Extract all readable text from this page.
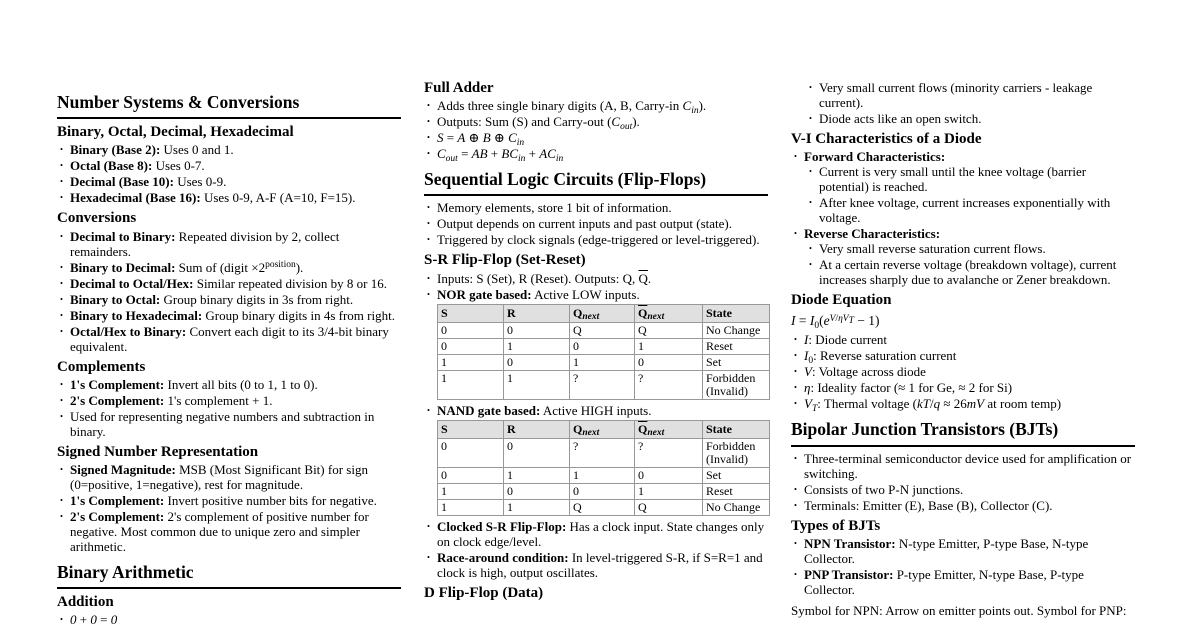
Number Systems & Conversions
Binary, Octal, Decimal, Hexadecimal
• Binary (Base 2): Uses 0 and 1.
• Octal (Base 8): Uses 0-7.
• Decimal (Base 10): Uses 0-9.
• Hexadecimal (Base 16): Uses 0-9, A-F (A=10, F=15).
Conversions
• Decimal to Binary: Repeated division by 2, collect remainders.
• Binary to Decimal: Sum of (digit $\times 2^{position}$).
• Decimal to Octal/Hex: Similar repeated division by 8 or 16.
• Binary to Octal: Group binary digits in 3s from right.
• Binary to Hexadecimal: Group binary digits in 4s from right.
• Octal/Hex to Binary: Convert each digit to its 3/4-bit binary equivalent.
Complements
• 1's Complement: Invert all bits (0 to 1, 1 to 0).
• 2's Complement: 1's complement + 1.
• Used for representing negative numbers and subtraction in binary.
Signed Number Representation
• Signed Magnitude: MSB (Most Significant Bit) for sign (0=positive, 1=negative), rest for magnitude.
• 1's Complement: Invert positive number bits for negative.
• 2's Complement: 2's complement of positive number for negative. Most common due to unique zero and simpler arithmetic.
Binary Arithmetic
Addition
• 0 + 0 = 0
Full Adder
• Adds three single binary digits (A, B, Carry-in $C_{in}$).
• Outputs: Sum (S) and Carry-out $(C_{out})$.
• S = A ⊕ B ⊕ $C_{in}$
• $C_{out}$ = AB + $BC_{in} + AC_{in}$
Sequential Logic Circuits (Flip-Flops)
• Memory elements, store 1 bit of information.
• Output depends on current inputs and past output (state).
• Triggered by clock signals (edge-triggered or level-triggered).
S-R Flip-Flop (Set-Reset)
• Inputs: S (Set), R (Reset). Outputs: Q, $\overline{Q}$.
• NOR gate based: Active LOW inputs.
S	R	$Q_{next}$	$\overline{Q}_{next}$	State
0	0	Q	$\overline{Q}$	No Change
0	1	0	1	Reset
1	0	1	0	Set
1	1	?	?	Forbidden (Invalid)
• NAND gate based: Active HIGH inputs.
S	R	$Q_{next}$	$\overline{Q}_{next}$	State
0	0	?	?	Forbidden (Invalid)
0	1	1	0	Set
1	0	0	1	Reset
1	1	Q	$\overline{Q}$	No Change
• Clocked S-R Flip-Flop: Has a clock input. State changes only on clock edge/level.
• Race-around condition: In level-triggered S-R, if S=R=1 and clock is high, output oscillates.
D Flip-Flop (Data)
• Very small current flows (minority carriers - leakage current).
• Diode acts like an open switch.
V-I Characteristics of a Diode
• Forward Characteristics:
• Current is very small until the knee voltage (barrier potential) is reached.
• After knee voltage, current increases exponentially with voltage.
• Reverse Characteristics:
• Very small reverse saturation current flows.
• At a certain reverse voltage (breakdown voltage), current increases sharply due to avalanche or Zener breakdown.
Diode Equation
$I = I_0(e^{V/\eta V_T} - 1)$
• I: Diode current
• $I_0$: Reverse saturation current
• V: Voltage across diode
• η: Ideality factor (≈ 1 for Ge, ≈ 2 for Si)
• $V_T$: Thermal voltage (kT/q ≈ 26mV at room temp)
Bipolar Junction Transistors (BJTs)
• Three-terminal semiconductor device used for amplification or switching.
• Consists of two P-N junctions.
• Terminals: Emitter (E), Base (B), Collector (C).
Types of BJTs
• NPN Transistor: N-type Emitter, P-type Base, N-type Collector.
• PNP Transistor: P-type Emitter, N-type Base, P-type Collector.
Symbol for NPN: Arrow on emitter points out. Symbol for PNP:
